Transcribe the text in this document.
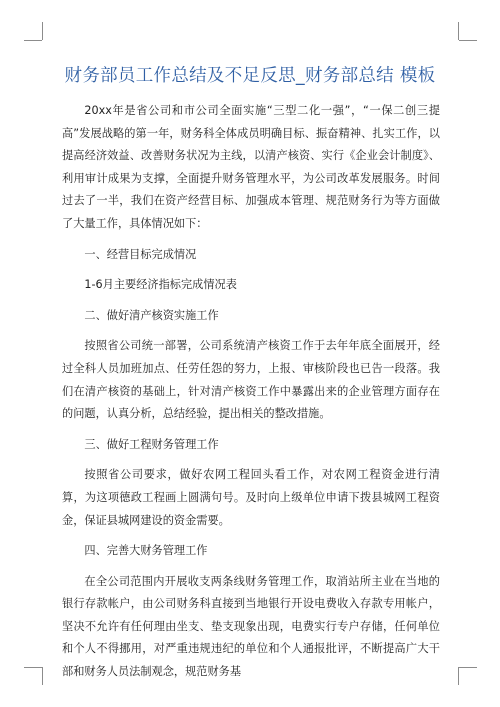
财务部员工作总结及不足反思_财务部总结 模板

20xx年是省公司和市公司全面实施“三型二化一强”，“一保二创三提高”发展战略的第一年，财务科全体成员明确目标、振奋精神、扎实工作，以提高经济效益、改善财务状况为主线，以清产核资、实行《企业会计制度》、利用审计成果为支撑，全面提升财务管理水平，为公司改革发展服务。时间过去了一半，我们在资产经营目标、加强成本管理、规范财务行为等方面做了大量工作，具体情况如下：

一、经营目标完成情况

1-6月主要经济指标完成情况表

二、做好清产核资实施工作

按照省公司统一部署，公司系统清产核资工作于去年年底全面展开，经过全科人员加班加点、任劳任怨的努力，上报、审核阶段也已告一段落。我们在清产核资的基础上，针对清产核资工作中暴露出来的企业管理方面存在的问题，认真分析，总结经验，提出相关的整改措施。

三、做好工程财务管理工作

按照省公司要求，做好农网工程回头看工作，对农网工程资金进行清算，为这项德政工程画上圆满句号。及时向上级单位申请下拨县城网工程资金，保证县城网建设的资金需要。

四、完善大财务管理工作

在全公司范围内开展收支两条线财务管理工作，取消站所主业在当地的银行存款帐户，由公司财务科直接到当地银行开设电费收入存款专用帐户，坚决不允许有任何理由坐支、垫支现象出现，电费实行专户存储，任何单位和个人不得挪用，对严重违规违纪的单位和个人通报批评，不断提高广大干部和财务人员法制观念，规范财务基
